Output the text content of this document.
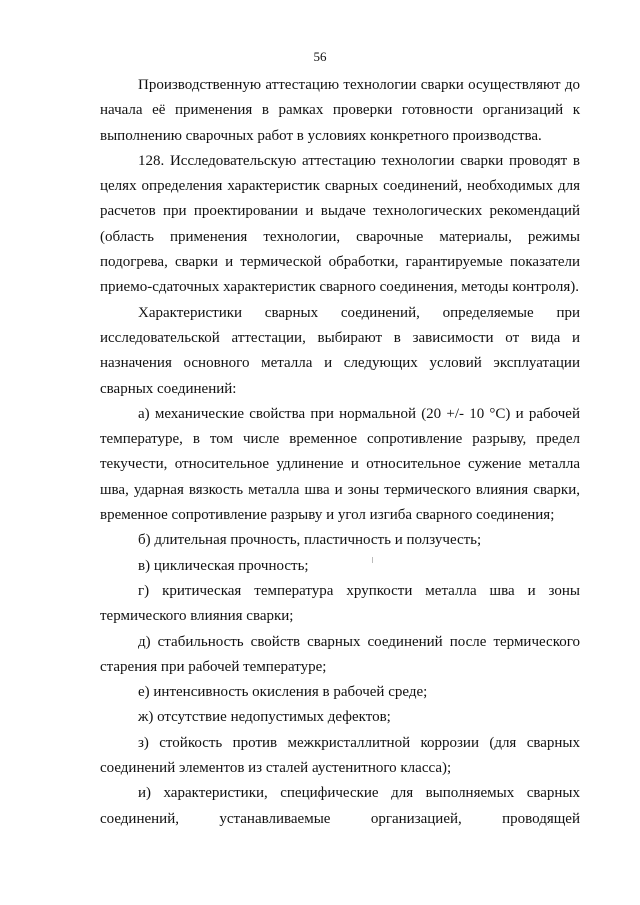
56

Производственную аттестацию технологии сварки осуществляют до начала её применения в рамках проверки готовности организаций к выполнению сварочных работ в условиях конкретного производства.

128. Исследовательскую аттестацию технологии сварки проводят в целях определения характеристик сварных соединений, необходимых для расчетов при проектировании и выдаче технологических рекомендаций (область применения технологии, сварочные материалы, режимы подогрева, сварки и термической обработки, гарантируемые показатели приемо-сдаточных характеристик сварного соединения, методы контроля).

Характеристики сварных соединений, определяемые при исследовательской аттестации, выбирают в зависимости от вида и назначения основного металла и следующих условий эксплуатации сварных соединений:

а) механические свойства при нормальной (20 +/- 10 °С) и рабочей температуре, в том числе временное сопротивление разрыву, предел текучести, относительное удлинение и относительное сужение металла шва, ударная вязкость металла шва и зоны термического влияния сварки, временное сопротивление разрыву и угол изгиба сварного соединения;

б) длительная прочность, пластичность и ползучесть;

в) циклическая прочность;

г) критическая температура хрупкости металла шва и зоны термического влияния сварки;

д) стабильность свойств сварных соединений после термического старения при рабочей температуре;

е) интенсивность окисления в рабочей среде;

ж) отсутствие недопустимых дефектов;

з) стойкость против межкристаллитной коррозии (для сварных соединений элементов из сталей аустенитного класса);

и) характеристики, специфические для выполняемых сварных соединений, устанавливаемые организацией, проводящей
